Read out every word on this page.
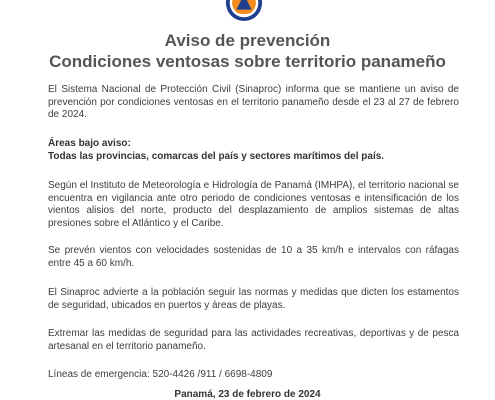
Aviso de prevención
Condiciones ventosas sobre territorio panameño

El Sistema Nacional de Protección Civil (Sinaproc) informa que se mantiene un aviso de prevención por condiciones ventosas en el territorio panameño desde el 23 al 27 de febrero de 2024.

Áreas bajo aviso:

Todas las provincias, comarcas del país y sectores marítimos del país.

Según el Instituto de Meteorología e Hidrología de Panamá (IMHPA), el territorio nacional se encuentra en vigilancia ante otro periodo de condiciones ventosas e intensificación de los vientos alisios del norte, producto del desplazamiento de amplios sistemas de altas presiones sobre el Atlántico y el Caribe.

Se prevén vientos con velocidades sostenidas de 10 a 35 km/h e intervalos con ráfagas entre 45 a 60 km/h.

El Sinaproc advierte a la población seguir las normas y medidas que dicten los estamentos de seguridad, ubicados en puertos y áreas de playas.

Extremar las medidas de seguridad para las actividades recreativas, deportivas y de pesca artesanal en el territorio panameño.

Líneas de emergencia: 520-4426 /911 / 6698-4809

Panamá, 23 de febrero de 2024
